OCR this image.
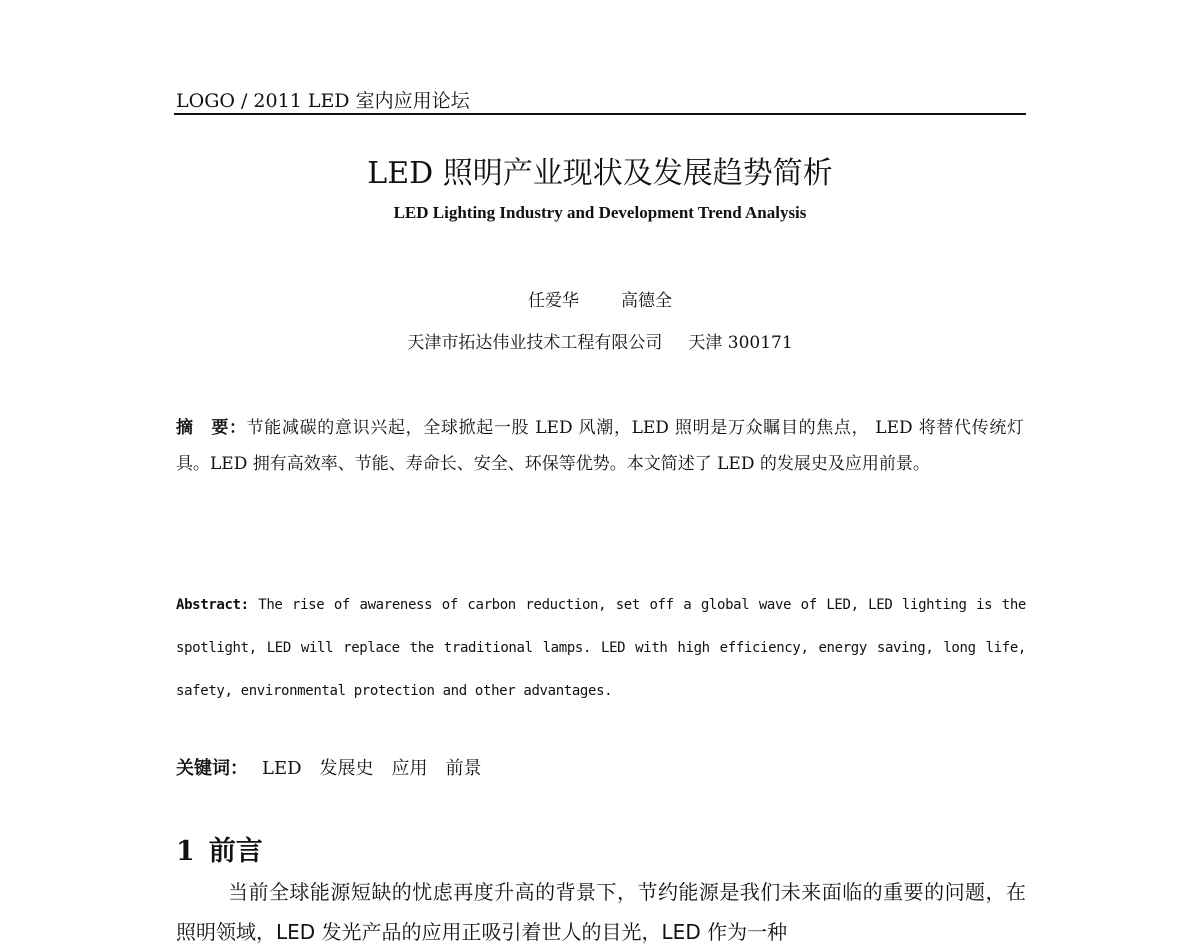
LOGO / 2011 LED 室内应用论坛
LED 照明产业现状及发展趋势简析
LED Lighting Industry and Development Trend Analysis
任爱华 高德全
天津市拓达伟业技术工程有限公司 天津 300171
摘　要：节能减碳的意识兴起，全球掀起一股 LED 风潮，LED 照明是万众瞩目的焦点， LED 将替代传统灯具。LED 拥有高效率、节能、寿命长、安全、环保等优势。本文简述了 LED 的发展史及应用前景。
Abstract: The rise of awareness of carbon reduction, set off a global wave of LED, LED lighting is the spotlight, LED will replace the traditional lamps. LED with high efficiency, energy saving, long life, safety, environmental protection and other advantages.
关键词： LED 发展史 应用 前景
1 前言
当前全球能源短缺的忧虑再度升高的背景下，节约能源是我们未来面临的重要的问题，在照明领域，LED 发光产品的应用正吸引着世人的目光，LED 作为一种
